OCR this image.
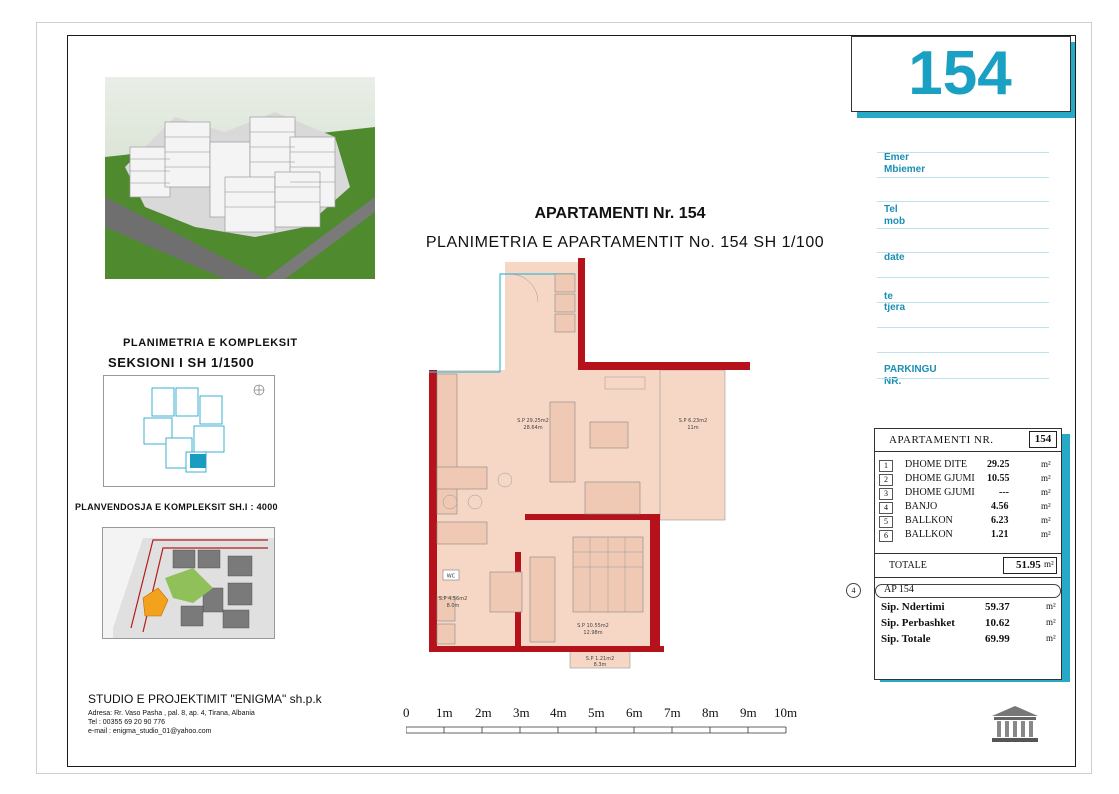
154
Emer
Mbiemer
Tel
mob
date
te tjera
PARKINGU
NR.
PLANIMETRIA E KOMPLEKSIT
SEKSIONI I SH 1/1500
PLANVENDOSJA E KOMPLEKSIT SH.I : 4000
APARTAMENTI Nr. 154
PLANIMETRIA E APARTAMENTIT No. 154 SH 1/100
S.P 29.25m2
28.64m
S.P 6.23m2
11m
S.P 4.56m2
8.0m
S.P 10.55m2
12.98m
S.P 1.21m2
8.3m
WC
APARTAMENTI NR.	154
1	DHOME DITE 29.25	m²
2	DHOME GJUMI 10.55	m²
3	DHOME GJUMI ---	m²
4	BANJO	4.56	m²
5	BALLKON	6.23	m²
6	BALLKON	1.21	m²
TOTALE	51.95 m²
AP 154
Sip. Ndertimi	59.37	m²
Sip. Perbashket	10.62	m²
Sip. Totale	69.99	m²
4
STUDIO E PROJEKTIMIT "ENIGMA" sh.p.k
Adresa: Rr. Vaso Pasha , pal. 8, ap. 4, Tirana, Albania
Tel : 00355 69 20 90 776
e-mail : enigma_studio_01@yahoo.com
0 1m 2m 3m 4m 5m 6m 7m 8m 9m 10m
